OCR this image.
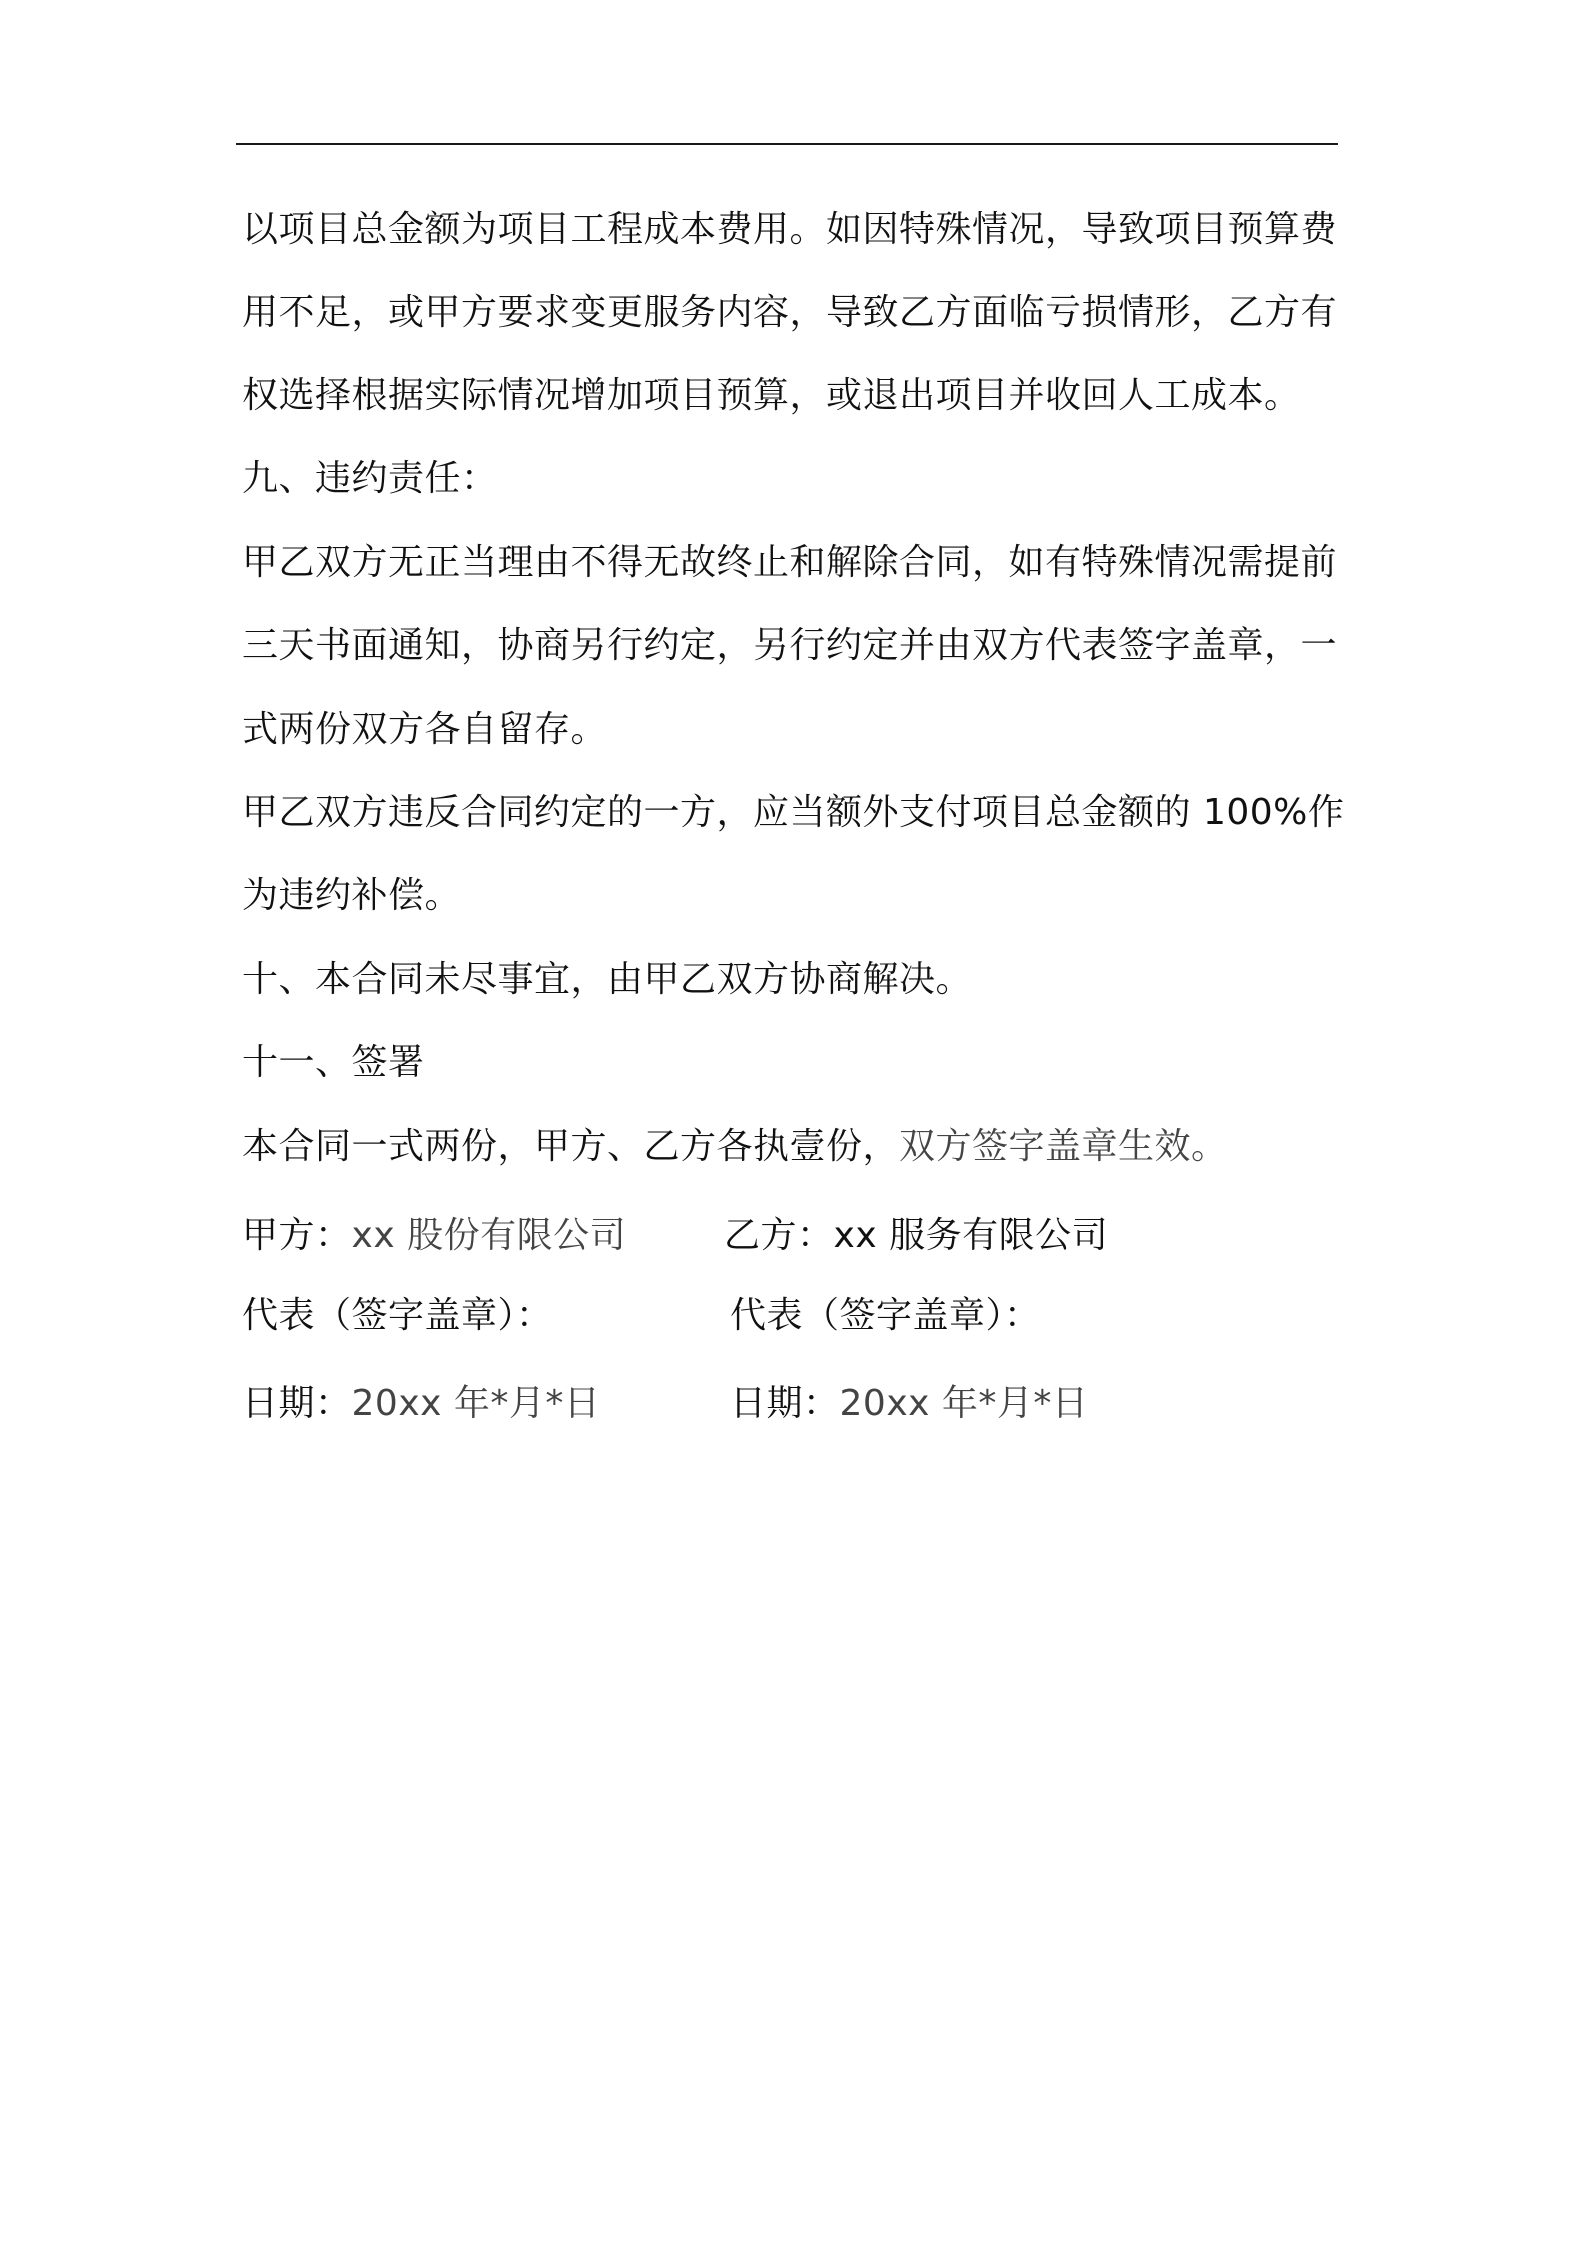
以项目总金额为项目工程成本费用。如因特殊情况，导致项目预算费
用不足，或甲方要求变更服务内容，导致乙方面临亏损情形，乙方有
权选择根据实际情况增加项目预算，或退出项目并收回人工成本。
九、违约责任：
甲乙双方无正当理由不得无故终止和解除合同，如有特殊情况需提前
三天书面通知，协商另行约定，另行约定并由双方代表签字盖章，一
式两份双方各自留存。
甲乙双方违反合同约定的一方，应当额外支付项目总金额的 100%作
为违约补偿。
十、本合同未尽事宜，由甲乙双方协商解决。
十一、签署
本合同一式两份，甲方、乙方各执壹份，双方签字盖章生效。
甲方：xx 股份有限公司
代表（签字盖章）：
日期：20xx 年*月*日
乙方：xx 服务有限公司
代表（签字盖章）：
日期：20xx 年*月*日
